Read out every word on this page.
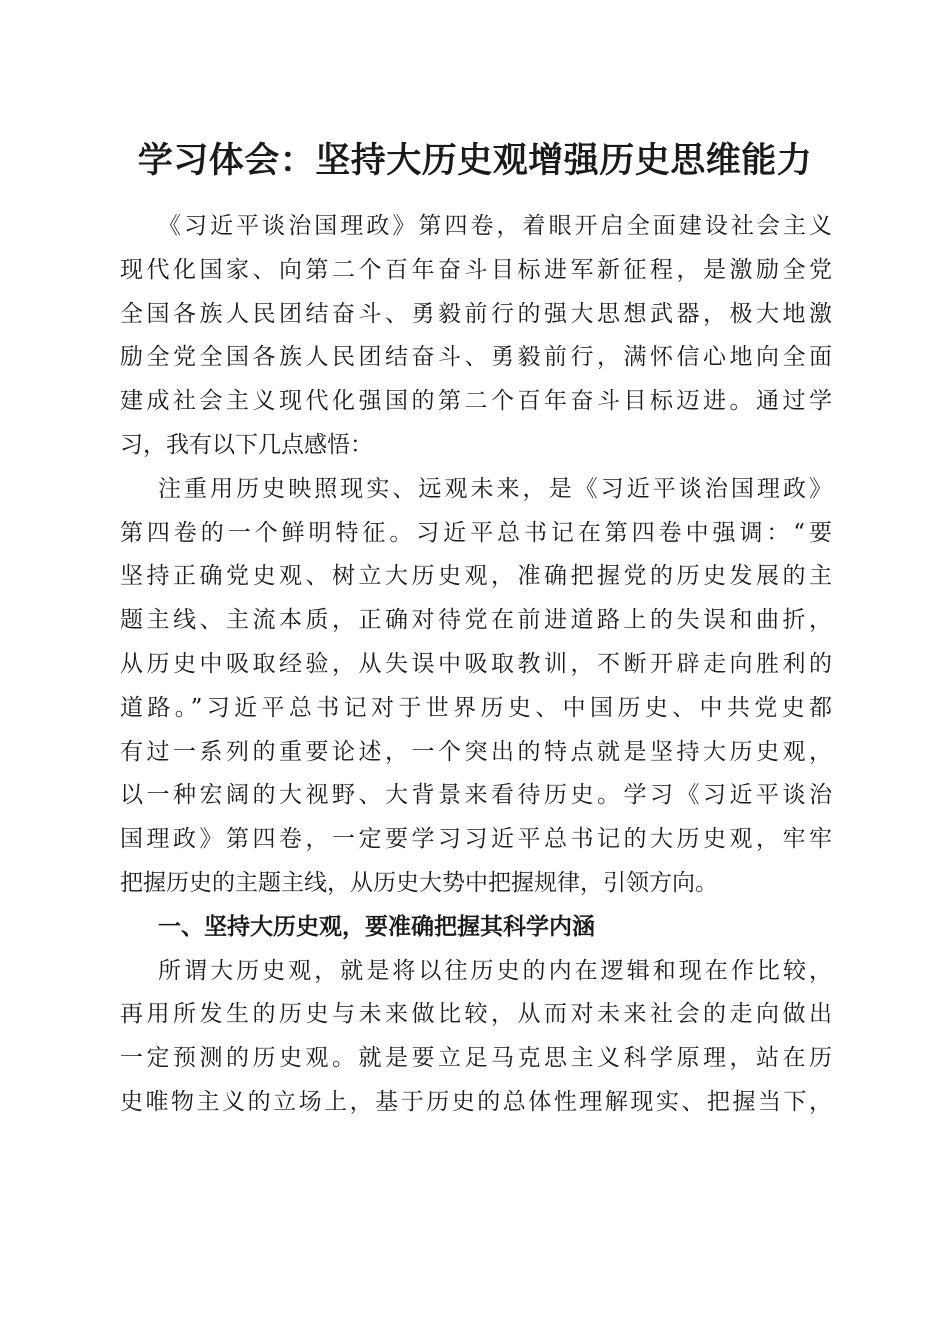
学习体会：坚持大历史观增强历史思维能力
《习近平谈治国理政》第四卷，着眼开启全面建设社会主义
现代化国家、向第二个百年奋斗目标进军新征程，是激励全党
全国各族人民团结奋斗、勇毅前行的强大思想武器，极大地激
励全党全国各族人民团结奋斗、勇毅前行，满怀信心地向全面
建成社会主义现代化强国的第二个百年奋斗目标迈进。通过学
习，我有以下几点感悟：
注重用历史映照现实、远观未来，是《习近平谈治国理政》
第四卷的一个鲜明特征。习近平总书记在第四卷中强调：“要
坚持正确党史观、树立大历史观，准确把握党的历史发展的主
题主线、主流本质，正确对待党在前进道路上的失误和曲折，
从历史中吸取经验，从失误中吸取教训，不断开辟走向胜利的
道路。”习近平总书记对于世界历史、中国历史、中共党史都
有过一系列的重要论述，一个突出的特点就是坚持大历史观，
以一种宏阔的大视野、大背景来看待历史。学习《习近平谈治
国理政》第四卷，一定要学习习近平总书记的大历史观，牢牢
把握历史的主题主线，从历史大势中把握规律，引领方向。
一、坚持大历史观，要准确把握其科学内涵
所谓大历史观，就是将以往历史的内在逻辑和现在作比较，
再用所发生的历史与未来做比较，从而对未来社会的走向做出
一定预测的历史观。就是要立足马克思主义科学原理，站在历
史唯物主义的立场上，基于历史的总体性理解现实、把握当下，
